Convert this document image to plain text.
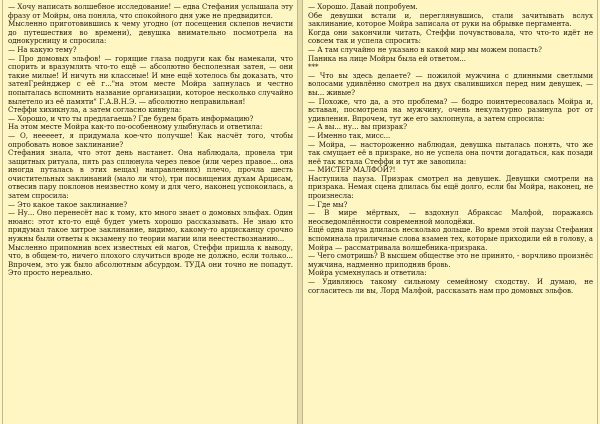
— Хочу написать волшебное исследование! — едва Стефания услышала эту фразу от Мойры, она поняла, что спокойного дня уже не предвидится.

Мысленно приготовившись к чему угодно (от посещения склепов нечисти до путешествия во времени), девушка внимательно посмотрела на однокурсницу и спросила:

— На какую тему?

— Про домовых эльфов! — горящие глаза подруги как бы намекали, что спорить и вразумлять что-то ещё — абсолютно бесполезная затея, — они такие милые! И ничуть ни классные! И мне ещё хотелось бы доказать, что затеяГрейнджер с её г..."на этом месте Мойра запнулась и честно попыталась вспомнить название организации, которое несколько случайно вылетело из её памяти" Г.А.В.Н.Э. — абсолютно неправильная!

Стеффи хихикнула, а затем согласно кивнула:

— Хорошо, и что ты предлагаешь? Где будем брать информацию?

На этом месте Мойра как-то по-особенному улыбнулась и ответила:

— О, нееееет, я придумала кое-что получше! Как насчёт того, чтобы опробовать новое заклинание?

Стефания знала, что этот день настанет. Она наблюдала, провела три защитных ритуала, пять раз сплюнула через левое (или через правое... она иногда путалась в этих вещах) направлениях) плечо, прочла шесть очистительных заклинаний (мало ли что), три посвящения духам Арцисам, отвесив пару поклонов неизвестно кому и для чего, наконец успокоилась, а затем спросила:

— Это какое такое заклинание?

— Ну... Оно перенесёт нас к тому, кто много знает о домовых эльфах. Один нюанс: этот кто-то ещё будет уметь хорошо рассказывать. Не знаю кто придумал такое хитрое заклинание, видимо, какому-то арцисканцу срочно нужны были ответы к экзамену по теории магии или неестествознанию...

Мысленно припомнив всех известных ей магов, Стеффи пришла к выводу, что, в общем-то, ничего плохого случиться вроде не должно, если только... Впрочем, это уж было абсолютным абсурдом. ТУДА они точно не попадут. Это просто нереально.

— Хорошо. Давай попробуем.

Обе девушки встали и, переглянувшись, стали зачитывать вслух заклинание, которое Мойра записала от руки на обрывке пергамента.

Когда они закончили читать, Стеффи почувствовала, что что-то идёт не совсем так и успела спросить:

— А там случайно не указано в какой мир мы можем попасть?

Паника на лице Мойры была ей ответом...

***

— Что вы здесь делаете? — пожилой мужчина с длинными светлыми волосами удивлённо смотрел на двух свалившихся перед ним девушек, — вы... живые?

— Похоже, что да, а это проблема? — бодро поинтересовалась Мойра и, вставая, посмотрела на мужчину, очень некультурно разинула рот от удивления. Впрочем, тут же его захлопнула, а затем спросила:

— А вы... ну... вы призрак?

— Именно так, мисс...

— Мойра, — настороженно наблюдая, девушка пыталась понять, что же так смущает её в призраке, но не успела она почти догадаться, как позади неё так встала Стеффи и тут же завопила:

— МИСТЕР МАЛФОЙ?!

Наступила пауза. Призрак смотрел на девушек. Девушки смотрели на призрака. Немая сцена длилась бы ещё долго, если бы Мойра, наконец, не произнесла:

— Где мы?

— В мире мёртвых, — вздохнул Абраксас Малфой, поражаясь неосведомлённости современной молодёжи.

Ещё одна пауза длилась несколько дольше. Во время этой паузы Стефания вспоминала приличные слова взамен тех, которые приходили ей в голову, а Мойра — рассматривала волшебника-призрака.

— Чего смотришь? В высшем обществе это не принято, - ворчливо произнёс мужчина, надменно приподняв бровь.

Мойра усмехнулась и ответила:

— Удивляюсь такому сильному семейному сходству. И думаю, не согласитесь ли вы, Лорд Малфой, рассказать нам про домовых эльфов.
